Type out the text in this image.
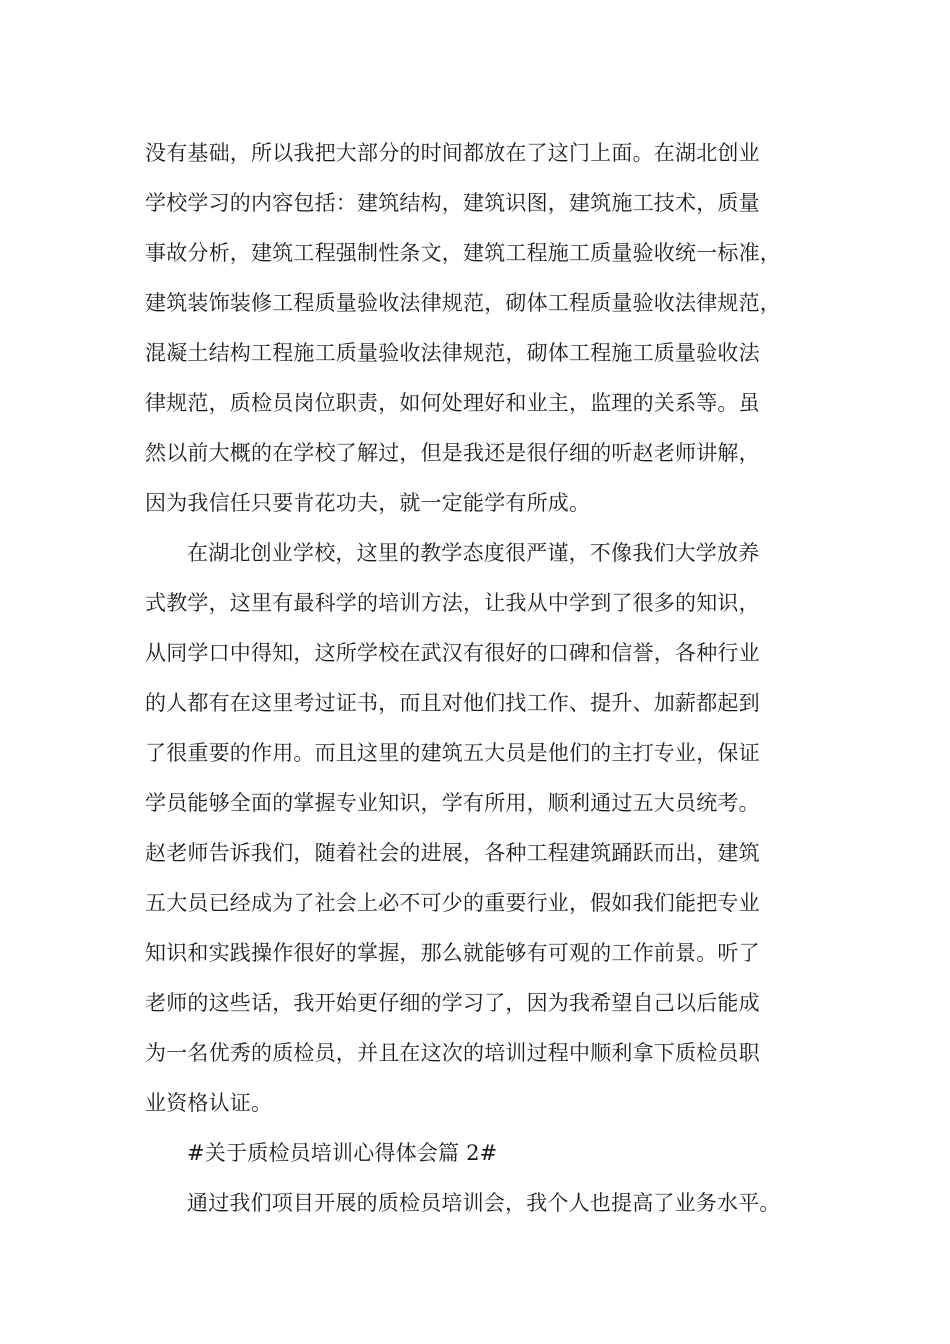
没有基础，所以我把大部分的时间都放在了这门上面。在湖北创业
学校学习的内容包括：建筑结构，建筑识图，建筑施工技术，质量
事故分析，建筑工程强制性条文，建筑工程施工质量验收统一标准，
建筑装饰装修工程质量验收法律规范，砌体工程质量验收法律规范，
混凝土结构工程施工质量验收法律规范，砌体工程施工质量验收法
律规范，质检员岗位职责，如何处理好和业主，监理的关系等。虽
然以前大概的在学校了解过，但是我还是很仔细的听赵老师讲解，
因为我信任只要肯花功夫，就一定能学有所成。
在湖北创业学校，这里的教学态度很严谨，不像我们大学放养
式教学，这里有最科学的培训方法，让我从中学到了很多的知识，
从同学口中得知，这所学校在武汉有很好的口碑和信誉，各种行业
的人都有在这里考过证书，而且对他们找工作、提升、加薪都起到
了很重要的作用。而且这里的建筑五大员是他们的主打专业，保证
学员能够全面的掌握专业知识，学有所用，顺利通过五大员统考。
赵老师告诉我们，随着社会的进展，各种工程建筑踊跃而出，建筑
五大员已经成为了社会上必不可少的重要行业，假如我们能把专业
知识和实践操作很好的掌握，那么就能够有可观的工作前景。听了
老师的这些话，我开始更仔细的学习了，因为我希望自己以后能成
为一名优秀的质检员，并且在这次的培训过程中顺利拿下质检员职
业资格认证。
#关于质检员培训心得体会篇 2#
通过我们项目开展的质检员培训会，我个人也提高了业务水平。
